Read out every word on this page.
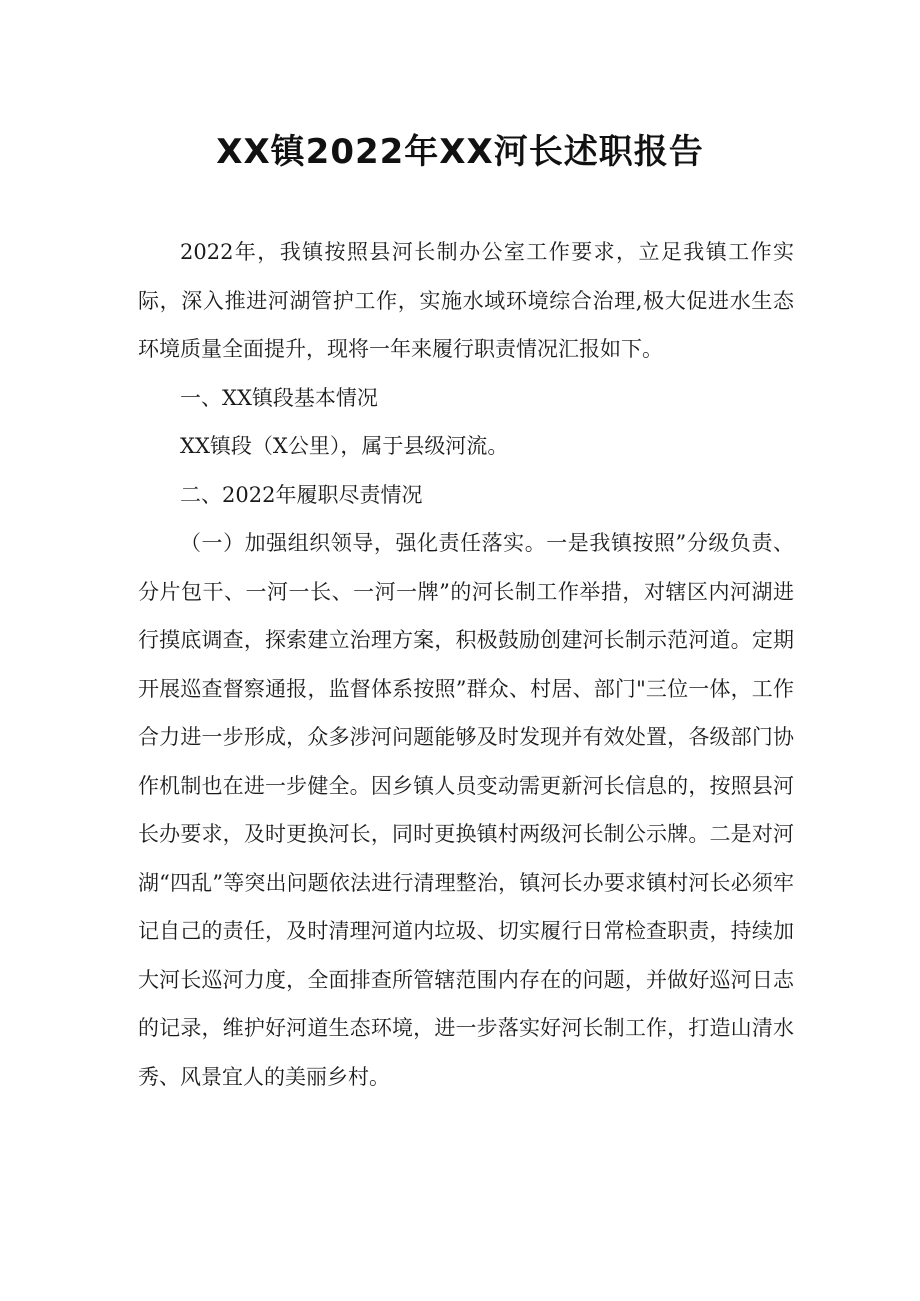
XX镇2022年XX河长述职报告

2022年，我镇按照县河长制办公室工作要求，立足我镇工作实际，深入推进河湖管护工作，实施水域环境综合治理,极大促进水生态环境质量全面提升，现将一年来履行职责情况汇报如下。

一、XX镇段基本情况

XX镇段（X公里），属于县级河流。

二、2022年履职尽责情况

（一）加强组织领导，强化责任落实。一是我镇按照”分级负责、分片包干、一河一长、一河一牌”的河长制工作举措，对辖区内河湖进行摸底调查，探索建立治理方案，积极鼓励创建河长制示范河道。定期开展巡查督察通报，监督体系按照”群众、村居、部门"三位一体，工作合力进一步形成，众多涉河问题能够及时发现并有效处置，各级部门协作机制也在进一步健全。因乡镇人员变动需更新河长信息的，按照县河长办要求，及时更换河长，同时更换镇村两级河长制公示牌。二是对河湖“四乱”等突出问题依法进行清理整治，镇河长办要求镇村河长必须牢记自己的责任，及时清理河道内垃圾、切实履行日常检查职责，持续加大河长巡河力度，全面排查所管辖范围内存在的问题，并做好巡河日志的记录，维护好河道生态环境，进一步落实好河长制工作，打造山清水秀、风景宜人的美丽乡村。
